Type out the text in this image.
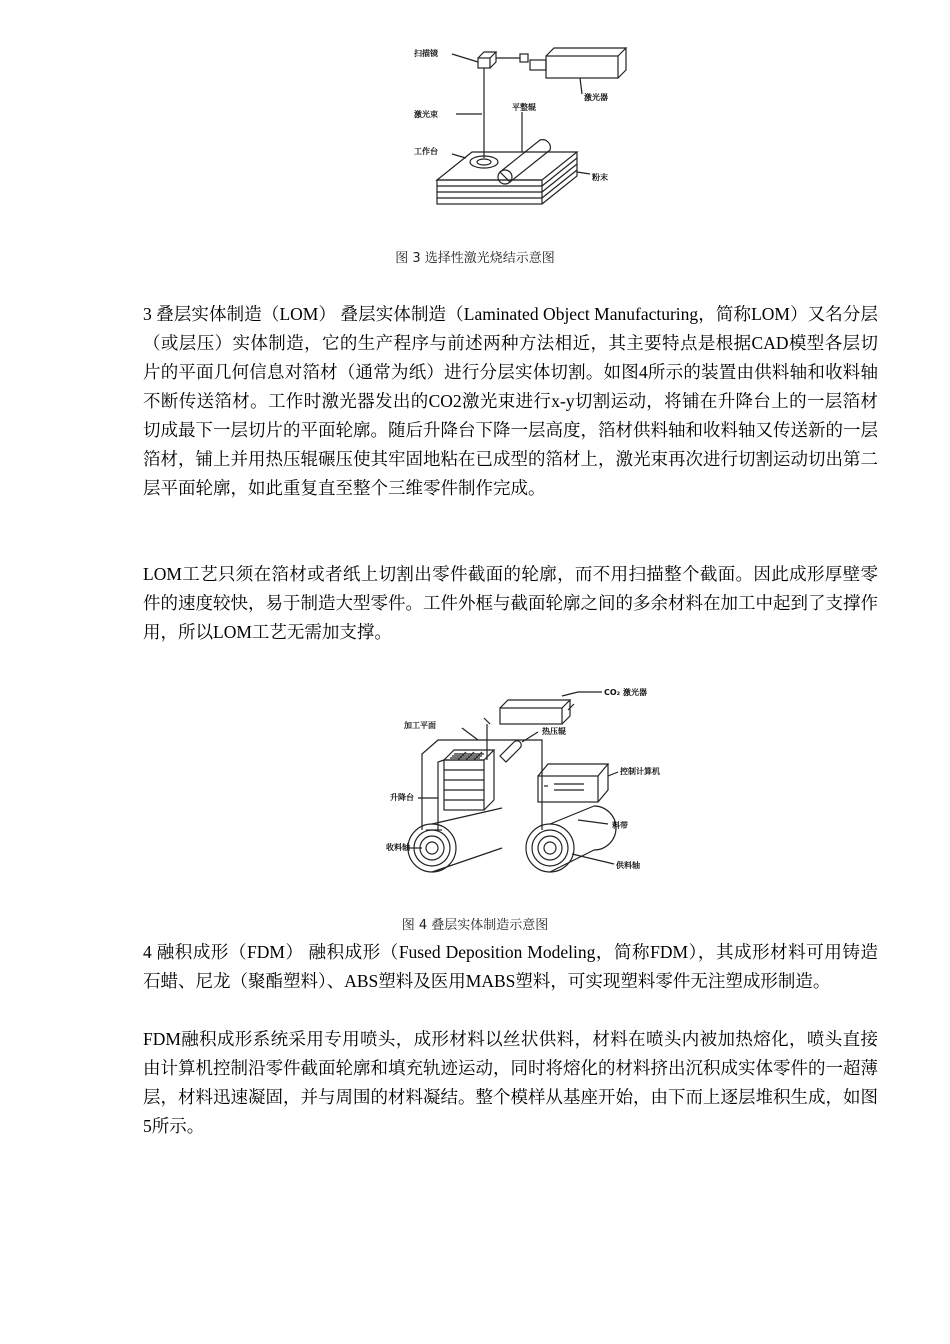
扫描镜
激光器
激光束
平整辊
工作台
粉末
图 3 选择性激光烧结示意图

3 叠层实体制造（LOM） 叠层实体制造（Laminated Object Manufacturing，简称LOM）又名分层（或层压）实体制造，它的生产程序与前述两种方法相近，其主要特点是根据CAD模型各层切片的平面几何信息对箔材（通常为纸）进行分层实体切割。如图4所示的装置由供料轴和收料轴不断传送箔材。工作时激光器发出的CO2激光束进行x-y切割运动，将铺在升降台上的一层箔材切成最下一层切片的平面轮廓。随后升降台下降一层高度，箔材供料轴和收料轴又传送新的一层箔材，铺上并用热压辊碾压使其牢固地粘在已成型的箔材上，激光束再次进行切割运动切出第二层平面轮廓，如此重复直至整个三维零件制作完成。

LOM工艺只须在箔材或者纸上切割出零件截面的轮廓，而不用扫描整个截面。因此成形厚壁零件的速度较快，易于制造大型零件。工件外框与截面轮廓之间的多余材料在加工中起到了支撑作用，所以LOM工艺无需加支撑。

CO₂ 激光器
加工平面
热压辊
控制计算机
升降台
料带
收料轴
供料轴
图 4 叠层实体制造示意图

4 融积成形（FDM） 融积成形（Fused Deposition Modeling，简称FDM），其成形材料可用铸造石蜡、尼龙（聚酯塑料）、ABS塑料及医用MABS塑料，可实现塑料零件无注塑成形制造。

FDM融积成形系统采用专用喷头，成形材料以丝状供料，材料在喷头内被加热熔化，喷头直接由计算机控制沿零件截面轮廓和填充轨迹运动，同时将熔化的材料挤出沉积成实体零件的一超薄层，材料迅速凝固，并与周围的材料凝结。整个模样从基座开始，由下而上逐层堆积生成，如图5所示。
